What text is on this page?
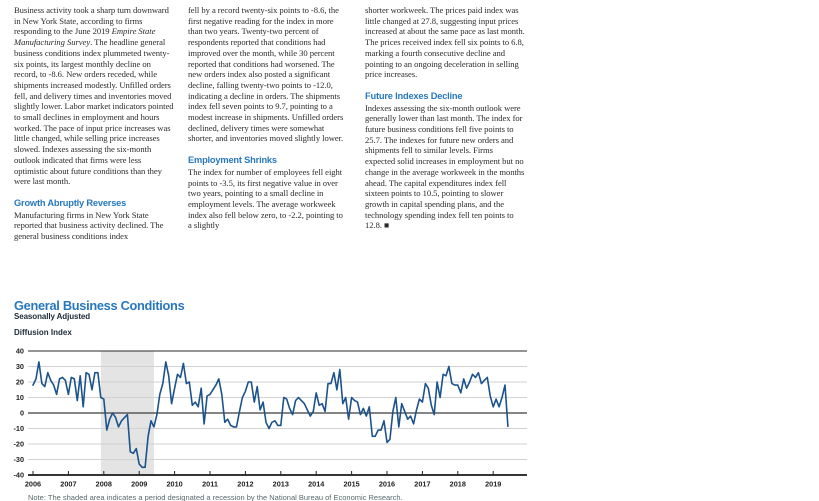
Business activity took a sharp turn downward in New York State, according to firms responding to the June 2019 Empire State Manufacturing Survey. The headline general business conditions index plummeted twenty-six points, its largest monthly decline on record, to -8.6. New orders receded, while shipments increased modestly. Unfilled orders fell, and delivery times and inventories moved slightly lower. Labor market indicators pointed to small declines in employment and hours worked. The pace of input price increases was little changed, while selling price increases slowed. Indexes assessing the six-month outlook indicated that firms were less optimistic about future conditions than they were last month.

Growth Abruptly Reverses

Manufacturing firms in New York State reported that business activity declined. The general business conditions index

fell by a record twenty-six points to -8.6, the first negative reading for the index in more than two years. Twenty-two percent of respondents reported that conditions had improved over the month, while 30 percent reported that conditions had worsened. The new orders index also posted a significant decline, falling twenty-two points to -12.0, indicating a decline in orders. The shipments index fell seven points to 9.7, pointing to a modest increase in shipments. Unfilled orders declined, delivery times were somewhat shorter, and inventories moved slightly lower.

Employment Shrinks

The index for number of employees fell eight points to -3.5, its first negative value in over two years, pointing to a small decline in employment levels. The average workweek index also fell below zero, to -2.2, pointing to a slightly

shorter workweek. The prices paid index was little changed at 27.8, suggesting input prices increased at about the same pace as last month. The prices received index fell six points to 6.8, marking a fourth consecutive decline and pointing to an ongoing deceleration in selling price increases.

Future Indexes Decline

Indexes assessing the six-month outlook were generally lower than last month. The index for future business conditions fell five points to 25.7. The indexes for future new orders and shipments fell to similar levels. Firms expected solid increases in employment but no change in the average workweek in the months ahead. The capital expenditures index fell sixteen points to 10.5, pointing to slower growth in capital spending plans, and the technology spending index fell ten points to 12.8. ■

General Business Conditions
Seasonally Adjusted
Diffusion Index
40
30
20
10
0
-10
-20
-30
-40
2006	2007	2008	2009	2010	2011	2012	2013	2014	2015	2016	2017	2018	2019
Note: The shaded area indicates a period designated a recession by the National Bureau of Economic Research.
